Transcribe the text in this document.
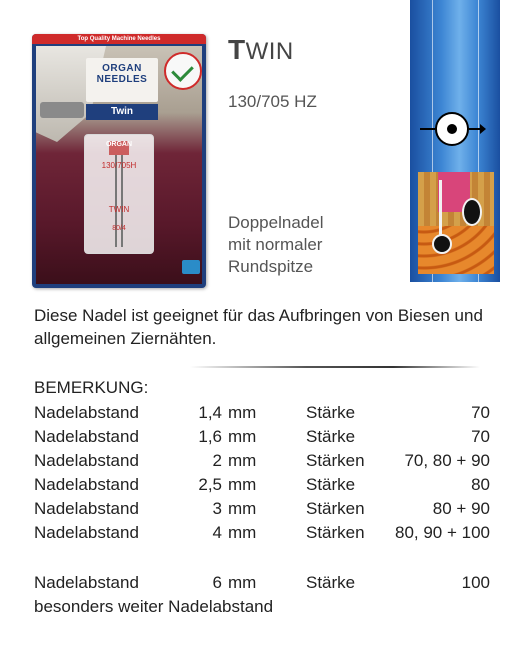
Top Quality Machine Needles
ORGAN
NEEDLES
Twin
ORGAN
130/705H
TWIN
80/4
TWIN
130/705 HZ
Doppelnadel
mit normaler
Rundspitze
Diese Nadel ist geeignet für das Aufbringen von Biesen und allgemeinen Ziernähten.
BEMERKUNG:
Nadelabstand	1,4 mm	Stärke	70
Nadelabstand	1,6 mm	Stärke	70
Nadelabstand	2 mm	Stärken 70, 80 + 90
Nadelabstand	2,5 mm	Stärke	80
Nadelabstand	3 mm	Stärken	80 + 90
Nadelabstand	4 mm	Stärken 80, 90 + 100
Nadelabstand	6 mm	Stärke	100
besonders weiter Nadelabstand
